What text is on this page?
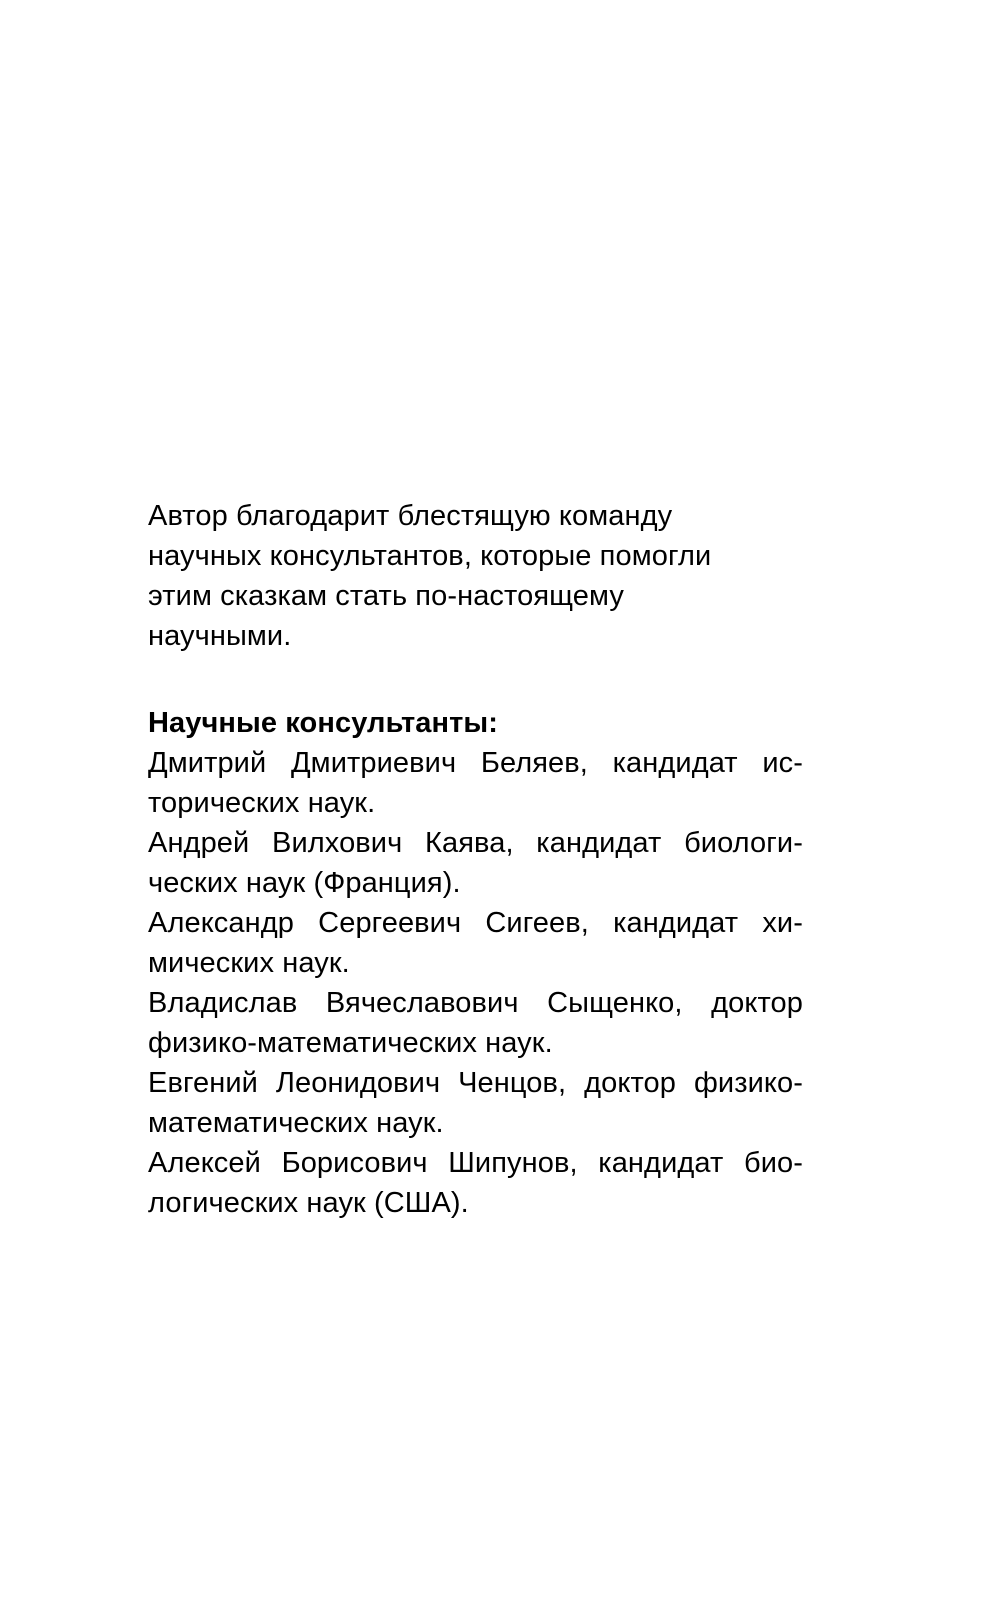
Автор благодарит блестящую команду
научных консультантов, которые помогли
этим сказкам стать по-настоящему
научными.
Научные консультанты:
Дмитрий Дмитриевич Беляев, кандидат ис-
торических наук.
Андрей Вилхович Каява, кандидат биологи-
ческих наук (Франция).
Александр Сергеевич Сигеев, кандидат хи-
мических наук.
Владислав Вячеславович Сыщенко, доктор
физико-математических наук.
Евгений Леонидович Ченцов, доктор физико-
математических наук.
Алексей Борисович Шипунов, кандидат био-
логических наук (США).
